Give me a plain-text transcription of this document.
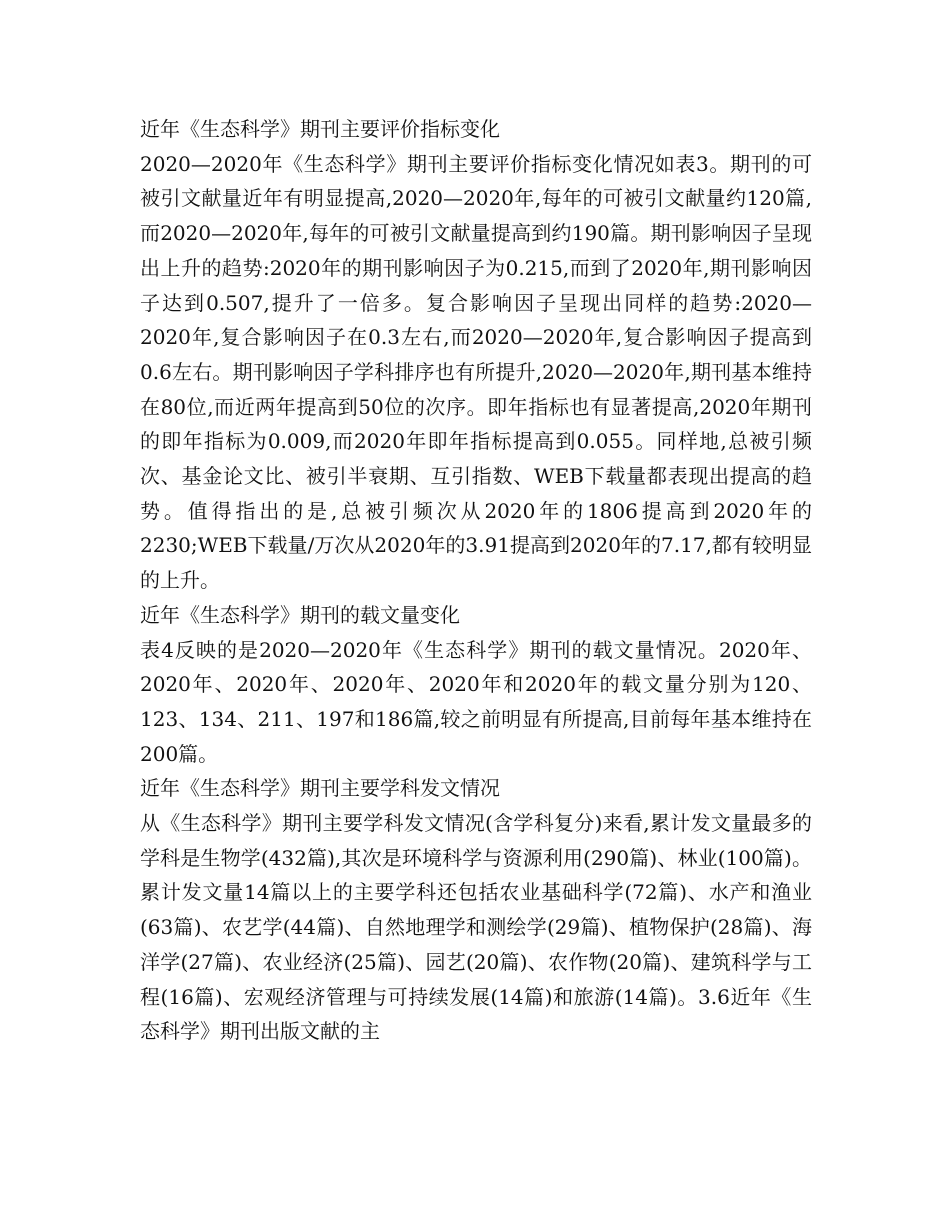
近年《生态科学》期刊主要评价指标变化

2020—2020年《生态科学》期刊主要评价指标变化情况如表3。期刊的可被引文献量近年有明显提高,2020—2020年,每年的可被引文献量约120篇,而2020—2020年,每年的可被引文献量提高到约190篇。期刊影响因子呈现出上升的趋势:2020年的期刊影响因子为0.215,而到了2020年,期刊影响因子达到0.507,提升了一倍多。复合影响因子呈现出同样的趋势:2020—2020年,复合影响因子在0.3左右,而2020—2020年,复合影响因子提高到0.6左右。期刊影响因子学科排序也有所提升,2020—2020年,期刊基本维持在80位,而近两年提高到50位的次序。即年指标也有显著提高,2020年期刊的即年指标为0.009,而2020年即年指标提高到0.055。同样地,总被引频次、基金论文比、被引半衰期、互引指数、WEB下载量都表现出提高的趋势。值得指出的是,总被引频次从2020年的1806提高到2020年的2230;WEB下载量/万次从2020年的3.91提高到2020年的7.17,都有较明显的上升。

近年《生态科学》期刊的载文量变化

表4反映的是2020—2020年《生态科学》期刊的载文量情况。2020年、2020年、2020年、2020年、2020年和2020年的载文量分别为120、123、134、211、197和186篇,较之前明显有所提高,目前每年基本维持在200篇。

近年《生态科学》期刊主要学科发文情况

从《生态科学》期刊主要学科发文情况(含学科复分)来看,累计发文量最多的学科是生物学(432篇),其次是环境科学与资源利用(290篇)、林业(100篇)。累计发文量14篇以上的主要学科还包括农业基础科学(72篇)、水产和渔业(63篇)、农艺学(44篇)、自然地理学和测绘学(29篇)、植物保护(28篇)、海洋学(27篇)、农业经济(25篇)、园艺(20篇)、农作物(20篇)、建筑科学与工程(16篇)、宏观经济管理与可持续发展(14篇)和旅游(14篇)。3.6近年《生态科学》期刊出版文献的主
